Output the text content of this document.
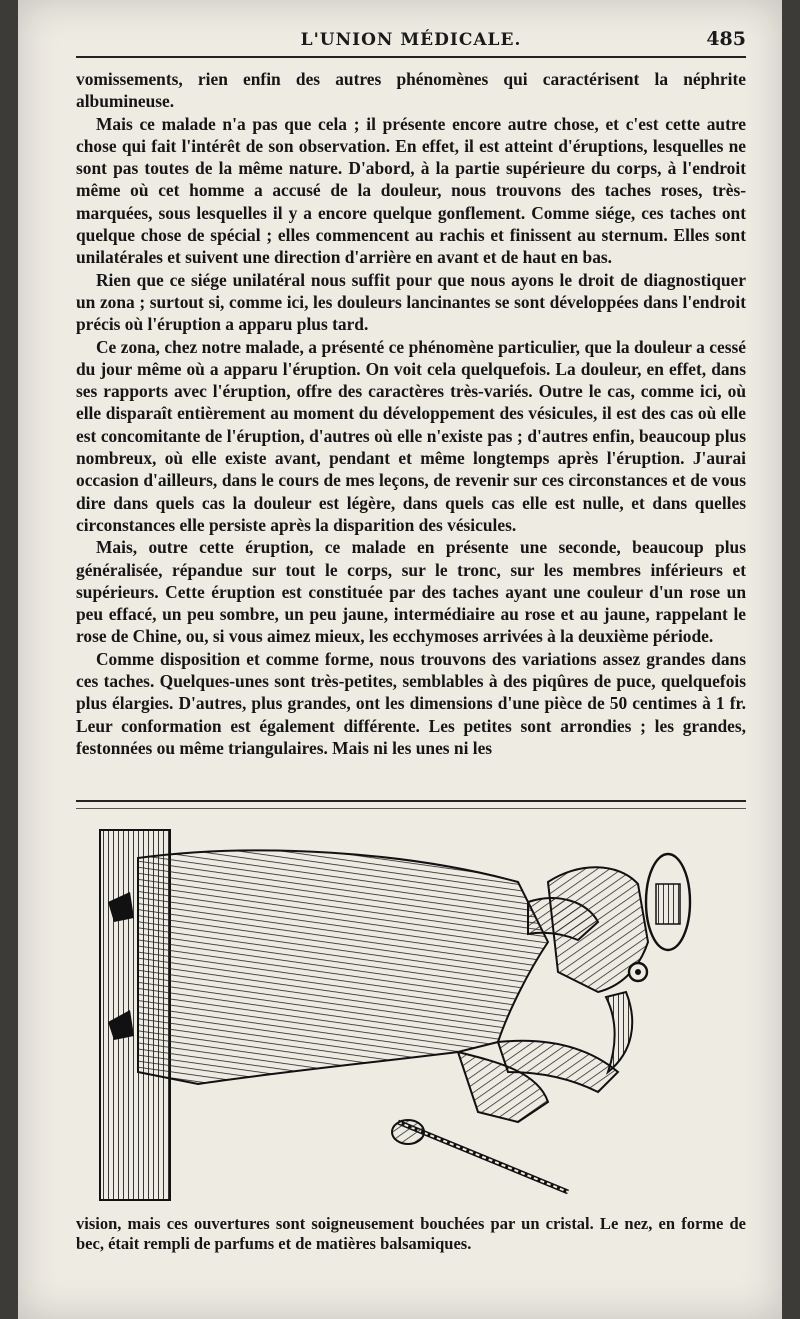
L'UNION MÉDICALE.	485

vomissements, rien enfin des autres phénomènes qui caractérisent la néphrite albumineuse.

Mais ce malade n'a pas que cela ; il présente encore autre chose, et c'est cette autre chose qui fait l'intérêt de son observation. En effet, il est atteint d'éruptions, lesquelles ne sont pas toutes de la même nature. D'abord, à la partie supérieure du corps, à l'endroit même où cet homme a accusé de la douleur, nous trouvons des taches roses, très-marquées, sous lesquelles il y a encore quelque gonflement. Comme siége, ces taches ont quelque chose de spécial ; elles commencent au rachis et finissent au sternum. Elles sont unilatérales et suivent une direction d'arrière en avant et de haut en bas.

Rien que ce siége unilatéral nous suffit pour que nous ayons le droit de diagnostiquer un zona ; surtout si, comme ici, les douleurs lancinantes se sont développées dans l'endroit précis où l'éruption a apparu plus tard.

Ce zona, chez notre malade, a présenté ce phénomène particulier, que la douleur a cessé du jour même où a apparu l'éruption. On voit cela quelquefois. La douleur, en effet, dans ses rapports avec l'éruption, offre des caractères très-variés. Outre le cas, comme ici, où elle disparaît entièrement au moment du développement des vésicules, il est des cas où elle est concomitante de l'éruption, d'autres où elle n'existe pas ; d'autres enfin, beaucoup plus nombreux, où elle existe avant, pendant et même longtemps après l'éruption. J'aurai occasion d'ailleurs, dans le cours de mes leçons, de revenir sur ces circonstances et de vous dire dans quels cas la douleur est légère, dans quels cas elle est nulle, et dans quelles circonstances elle persiste après la disparition des vésicules.

Mais, outre cette éruption, ce malade en présente une seconde, beaucoup plus généralisée, répandue sur tout le corps, sur le tronc, sur les membres inférieurs et supérieurs. Cette éruption est constituée par des taches ayant une couleur d'un rose un peu effacé, un peu sombre, un peu jaune, intermédiaire au rose et au jaune, rappelant le rose de Chine, ou, si vous aimez mieux, les ecchymoses arrivées à la deuxième période.

Comme disposition et comme forme, nous trouvons des variations assez grandes dans ces taches. Quelques-unes sont très-petites, semblables à des piqûres de puce, quelquefois plus élargies. D'autres, plus grandes, ont les dimensions d'une pièce de 50 centimes à 1 fr. Leur conformation est également différente. Les petites sont arrondies ; les grandes, festonnées ou même triangulaires. Mais ni les unes ni les

vision, mais ces ouvertures sont soigneusement bouchées par un cristal. Le nez, en forme de bec, était rempli de parfums et de matières balsamiques.
